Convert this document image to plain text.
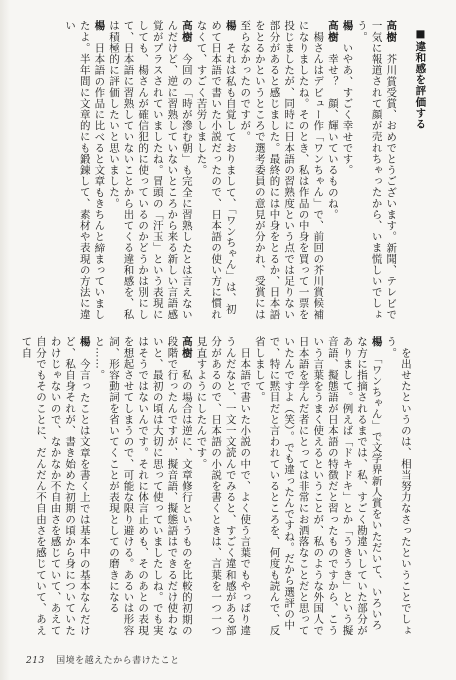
■違和感を評価する

高樹　芥川賞受賞、おめでとうございます。新聞、テレビで一気に報道されて顔が売れちゃったから、いま慌しいでしょう。
楊　いやあ、すごく幸せです。
高樹　幸せ？　顔、輝いているものね。
　楊さんはデビュー作「ワンちゃん」で、前回の芥川賞候補になりましたね。そのとき、私は作品の中身を買って一票を投じましたが、同時に日本語の習熟度という点では足りない部分があると感じました。最終的には中身をとるか、日本語をとるかというところで選考委員の意見が分かれ、受賞には至らなかったのですが。
楊　それは私も自覚しておりまして、「ワンちゃん」は、初めて日本語で書いた小説だったので、日本語の使い方に慣れなくて、すごく苦労しました。
高樹　今回の「時が滲む朝」も完全に習熟したとは言えないんだけど、逆に習熟していないところから来る新しい言語感覚がプラスされていましたね。冒頭の「汗玉」という表現にしても、楊さんが確信犯的に使っているのかどうかは別にして、日本語に習熟していないことから出てくる違和感を、私は積極的に評価したいと思いました。
楊　日本語の作品に比べると文章もきちんと締まっていましたよ。半年間に文章的にも鍛錬して、素材や表現の方法に違い

　を出せたというのは、相当努力なさったということでしょう。
楊　「ワンちゃん」で文学界新人賞をいただいて、いろいろな方に指摘されるまでは、私、すごく勘違いしていた部分がありまして。例えば「ドキドキ」とか「うきうき」という擬音語、擬態語が日本語の特徴だと習ったものですから、こういう言葉をうまく使えるということが、私のような外国人で日本語を学んだ者にとっては非常にお洒落なことだと思っていたんですよ（笑）。でも違ったんですね。だから選評の中で、特に黙目だと言われているところを、何度も読んで、反省しまして。
　日本語で書いた小説の中で、よく使う言葉でもやっぱり違うんだなと、一文一文読んでみると、すごく違和感がある部分があるので、日本語の小説を書くときは、言葉を一つ一つ見直すようにしたんです。
高樹　私の場合は逆に、文章修行というものを比較的初期の段階で行ったんですが、擬音語、擬態語はできるだけ使わないと、最初の頃は大切に思って使っていましたしね。でも実はそうではないんです。それに体言止めも、そのあとの表現を想起させてしまうので、可能な限り避ける。あるいは形容詞、形容動詞を省いてくことが表現としての磨きになると……。
楊　今言ったことは文章を書く上では基本中の基本なんだけど、私自身それが、書き始めた初期の頃から身についていたわけじゃないので、なかなか不自由さを感じていて、あえて自分でもそのことに、だんだん不自由さを感じていて、あえて自

213 国境を越えたから書けたこと
